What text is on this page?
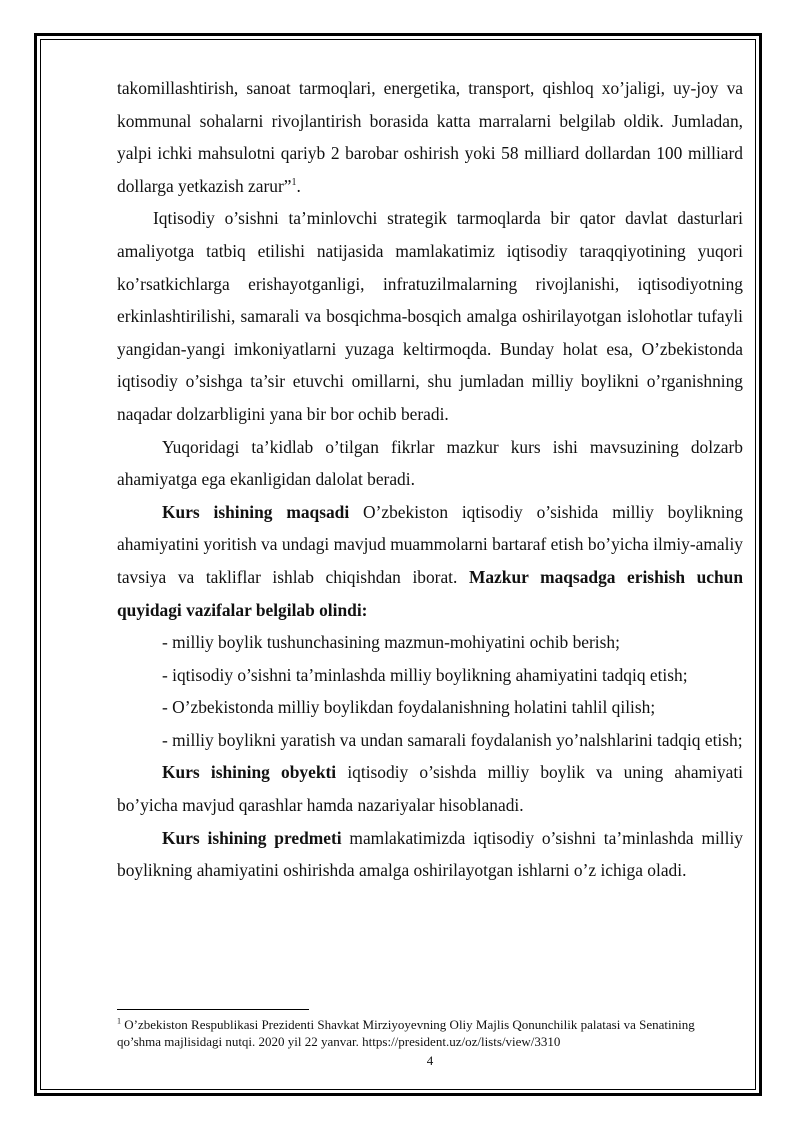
takomillashtirish, sanoat tarmoqlari, energetika, transport, qishloq xo’jaligi, uy-joy va kommunal sohalarni rivojlantirish borasida katta marralarni belgilab oldik. Jumladan, yalpi ichki mahsulotni qariyb 2 barobar oshirish yoki 58 milliard dollardan 100 milliard dollarga yetkazish zarur”$^1$.

Iqtisodiy o’sishni ta’minlovchi strategik tarmoqlarda bir qator davlat dasturlari amaliyotga tatbiq etilishi natijasida mamlakatimiz iqtisodiy taraqqiyotining yuqori ko’rsatkichlarga erishayotganligi, infratuzilmalarning rivojlanishi, iqtisodiyotning erkinlashtirilishi, samarali va bosqichma-bosqich amalga oshirilayotgan islohotlar tufayli yangidan-yangi imkoniyatlarni yuzaga keltirmoqda. Bunday holat esa, O’zbekistonda iqtisodiy o’sishga ta’sir etuvchi omillarni, shu jumladan milliy boylikni o’rganishning naqadar dolzarbligini yana bir bor ochib beradi.

Yuqoridagi ta’kidlab o’tilgan fikrlar mazkur kurs ishi mavsuzining dolzarb ahamiyatga ega ekanligidan dalolat beradi.

Kurs ishining maqsadi O’zbekiston iqtisodiy o’sishida milliy boylikning ahamiyatini yoritish va undagi mavjud muammolarni bartaraf etish bo’yicha ilmiy-amaliy tavsiya va takliflar ishlab chiqishdan iborat. Mazkur maqsadga erishish uchun quyidagi vazifalar belgilab olindi:

- milliy boylik tushunchasining mazmun-mohiyatini ochib berish;

- iqtisodiy o’sishni ta’minlashda milliy boylikning ahamiyatini tadqiq etish;

- O’zbekistonda milliy boylikdan foydalanishning holatini tahlil qilish;

- milliy boylikni yaratish va undan samarali foydalanish yo’nalshlarini tadqiq etish;

Kurs ishining obyekti iqtisodiy o’sishda milliy boylik va uning ahamiyati bo’yicha mavjud qarashlar hamda nazariyalar hisoblanadi.

Kurs ishining predmeti mamlakatimizda iqtisodiy o’sishni ta’minlashda milliy boylikning ahamiyatini oshirishda amalga oshirilayotgan ishlarni o’z ichiga oladi.

$^1$ O’zbekiston Respublikasi Prezidenti Shavkat Mirziyoyevning Oliy Majlis Qonunchilik palatasi va Senatining qo’shma majlisidagi nutqi. 2020 yil 22 yanvar. https://president.uz/oz/lists/view/3310

4
